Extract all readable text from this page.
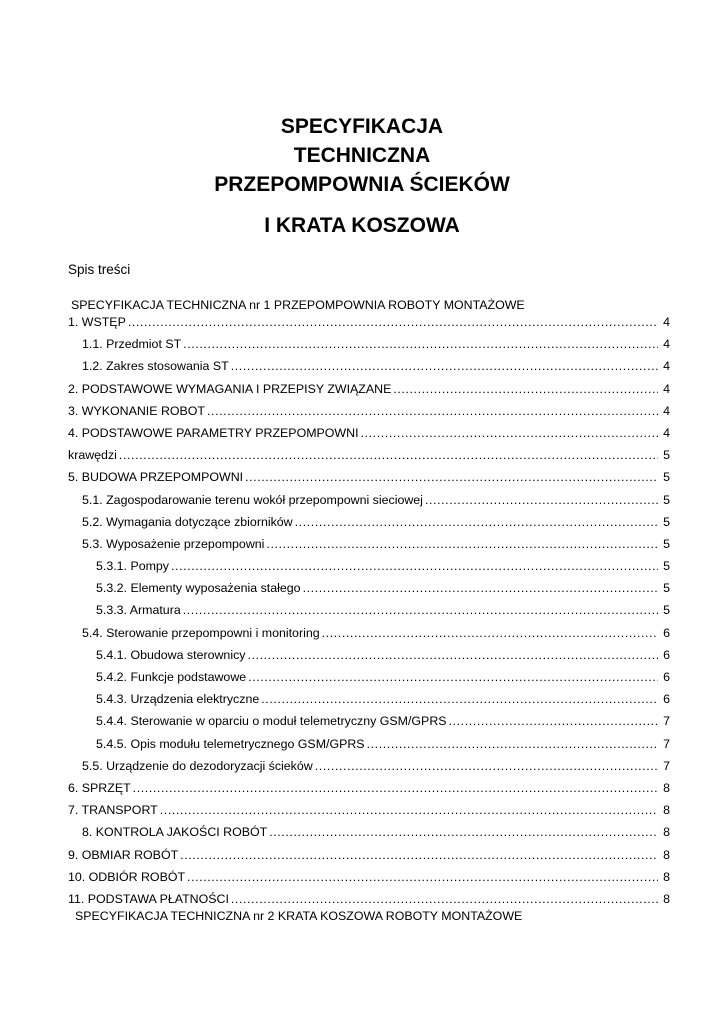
SPECYFIKACJA
TECHNICZNA
PRZEPOMPOWNIA ŚCIEKÓW
I KRATA KOSZOWA
Spis treści
SPECYFIKACJA TECHNICZNA nr 1 PRZEPOMPOWNIA ROBOTY MONTAŻOWE
1. WSTĘP .....	4
1.1. Przedmiot ST .....	4
1.2. Zakres stosowania ST .....	4
2. PODSTAWOWE WYMAGANIA I PRZEPISY ZWIĄZANE .....	4
3. WYKONANIE ROBOT .....	4
4. PODSTAWOWE PARAMETRY PRZEPOMPOWNI .....	4
krawędzi .....	5
5. BUDOWA PRZEPOMPOWNI .....	5
5.1. Zagospodarowanie terenu wokół przepompowni sieciowej .....	5
5.2. Wymagania dotyczące zbiorników .....	5
5.3. Wyposażenie przepompowni .....	5
5.3.1. Pompy .....	5
5.3.2. Elementy wyposażenia stałego .....	5
5.3.3. Armatura .....	5
5.4. Sterowanie przepompowni i monitoring .....	6
5.4.1. Obudowa sterownicy .....	6
5.4.2. Funkcje podstawowe .....	6
5.4.3. Urządzenia elektryczne .....	6
5.4.4. Sterowanie w oparciu o moduł telemetryczny GSM/GPRS .....	7
5.4.5. Opis modułu telemetrycznego GSM/GPRS .....	7
5.5. Urządzenie do dezodoryzacji ścieków .....	7
6. SPRZĘT .....	8
7. TRANSPORT .....	8
8. KONTROLA JAKOŚCI ROBÓT .....	8
9. OBMIAR ROBÓT .....	8
10. ODBIÓR ROBÓT .....	8
11. PODSTAWA PŁATNOŚCI .....	8
SPECYFIKACJA TECHNICZNA nr 2 KRATA KOSZOWA ROBOTY MONTAŻOWE
